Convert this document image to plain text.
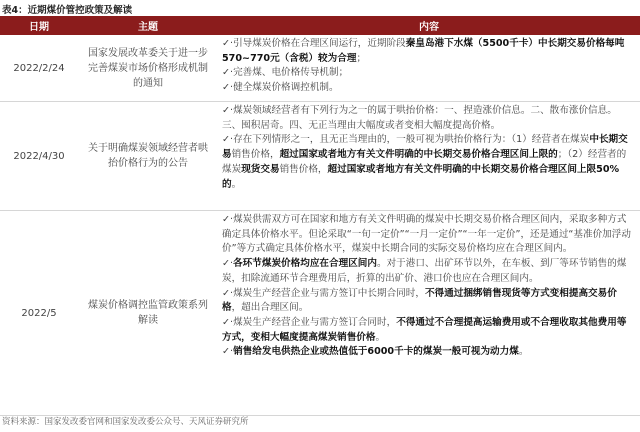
表4：近期煤价管控政策及解读
日期	主题	内容
2022/2/24
国家发展改革委关于进一步完善煤炭市场价格形成机制的通知

✓·引导煤炭价格在合理区间运行，近期阶段秦皇岛港下水煤（5500千卡）中长期交易价格每吨570~770元（含税）较为合理；

✓·完善煤、电价格传导机制；

✓·健全煤炭价格调控机制。

2022/4/30
关于明确煤炭领域经营者哄抬价格行为的公告

✓·煤炭领域经营者有下列行为之一的属于哄抬价格：一、捏造涨价信息。二、散布涨价信息。三、囤积居奇。四、无正当理由大幅度或者变相大幅度提高价格。

✓·存在下列情形之一，且无正当理由的，一般可视为哄抬价格行为：（1）经营者在煤炭中长期交易销售价格，超过国家或者地方有关文件明确的中长期交易价格合理区间上限的；（2）经营者的煤炭现货交易销售价格，超过国家或者地方有关文件明确的中长期交易价格合理区间上限50%的。

2022/5
煤炭价格调控监管政策系列解读

✓·煤炭供需双方可在国家和地方有关文件明确的煤炭中长期交易价格合理区间内，采取多种方式确定具体价格水平。但论采取“一旬一定价”“一月一定价”“一年一定价”，还是通过“基准价加浮动价”等方式确定具体价格水平，煤炭中长期合同的实际交易价格均应在合理区间内。

✓·各环节煤炭价格均应在合理区间内。对于港口、出矿环节以外，在车板、到厂等环节销售的煤炭，扣除流通环节合理费用后，折算的出矿价、港口价也应在合理区间内。

✓·煤炭生产经营企业与需方签订中长期合同时，不得通过捆绑销售现货等方式变相提高交易价格，超出合理区间。

✓·煤炭生产经营企业与需方签订合同时，不得通过不合理提高运输费用或不合理收取其他费用等方式，变相大幅度提高煤炭销售价格。

✓·销售给发电供热企业或热值低于6000千卡的煤炭一般可视为动力煤。

资料来源：国家发改委官网和国家发改委公众号、天风证券研究所
